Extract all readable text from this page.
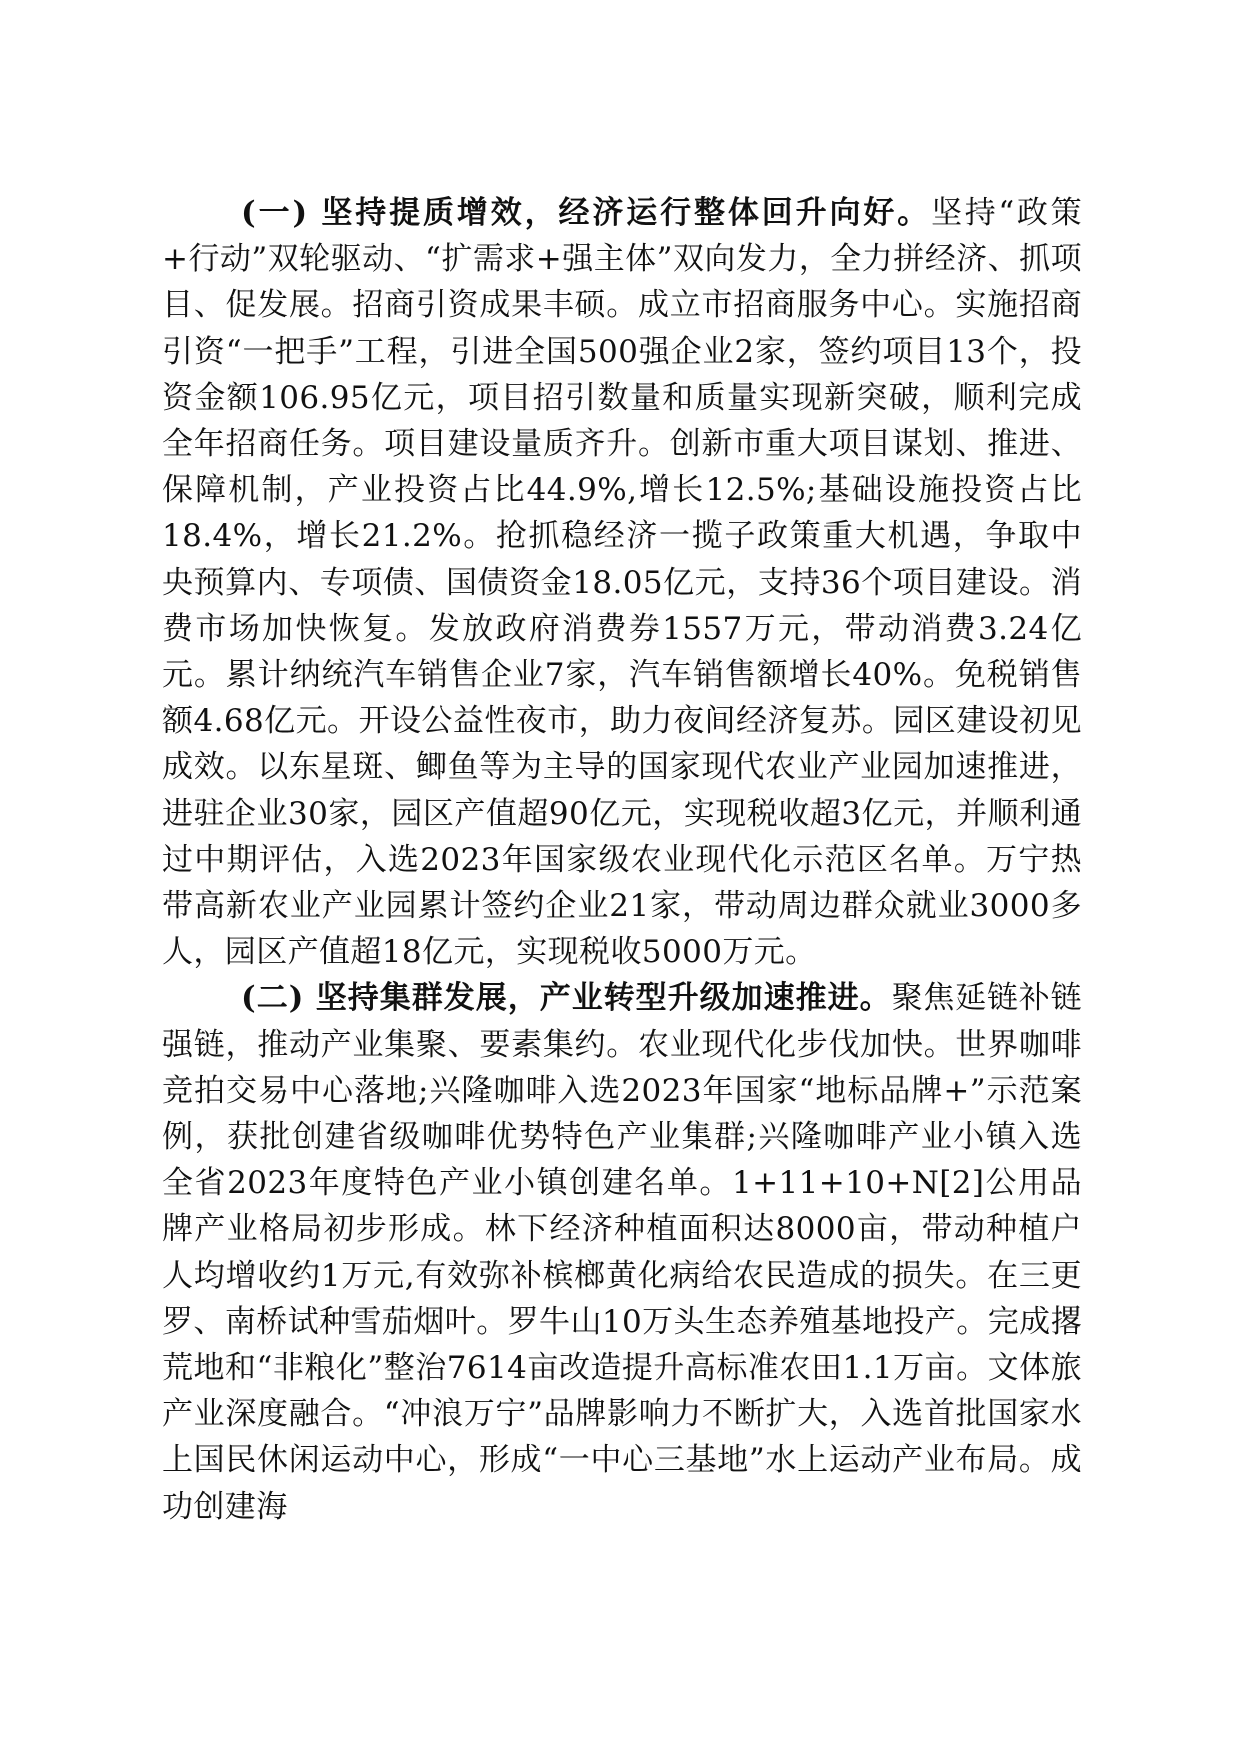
(一) 坚持提质增效，经济运行整体回升向好。坚持“政策+行动”双轮驱动、“扩需求+强主体”双向发力，全力拼经济、抓项目、促发展。招商引资成果丰硕。成立市招商服务中心。实施招商引资“一把手”工程，引进全国500强企业2家，签约项目13个，投资金额106.95亿元，项目招引数量和质量实现新突破，顺利完成全年招商任务。项目建设量质齐升。创新市重大项目谋划、推进、保障机制，产业投资占比44.9%,增长12.5%;基础设施投资占比18.4%，增长21.2%。抢抓稳经济一揽子政策重大机遇，争取中央预算内、专项债、国债资金18.05亿元，支持36个项目建设。消费市场加快恢复。发放政府消费券1557万元，带动消费3.24亿元。累计纳统汽车销售企业7家，汽车销售额增长40%。免税销售额4.68亿元。开设公益性夜市，助力夜间经济复苏。园区建设初见成效。以东星斑、鲫鱼等为主导的国家现代农业产业园加速推进，进驻企业30家，园区产值超90亿元，实现税收超3亿元，并顺利通过中期评估，入选2023年国家级农业现代化示范区名单。万宁热带高新农业产业园累计签约企业21家，带动周边群众就业3000多人，园区产值超18亿元，实现税收5000万元。

(二) 坚持集群发展，产业转型升级加速推进。聚焦延链补链强链，推动产业集聚、要素集约。农业现代化步伐加快。世界咖啡竞拍交易中心落地;兴隆咖啡入选2023年国家“地标品牌+”示范案例，获批创建省级咖啡优势特色产业集群;兴隆咖啡产业小镇入选全省2023年度特色产业小镇创建名单。1+11+10+N[2]公用品牌产业格局初步形成。林下经济种植面积达8000亩，带动种植户人均增收约1万元,有效弥补槟榔黄化病给农民造成的损失。在三更罗、南桥试种雪茄烟叶。罗牛山10万头生态养殖基地投产。完成撂荒地和“非粮化”整治7614亩改造提升高标准农田1.1万亩。文体旅产业深度融合。“冲浪万宁”品牌影响力不断扩大，入选首批国家水上国民休闲运动中心，形成“一中心三基地”水上运动产业布局。成功创建海
